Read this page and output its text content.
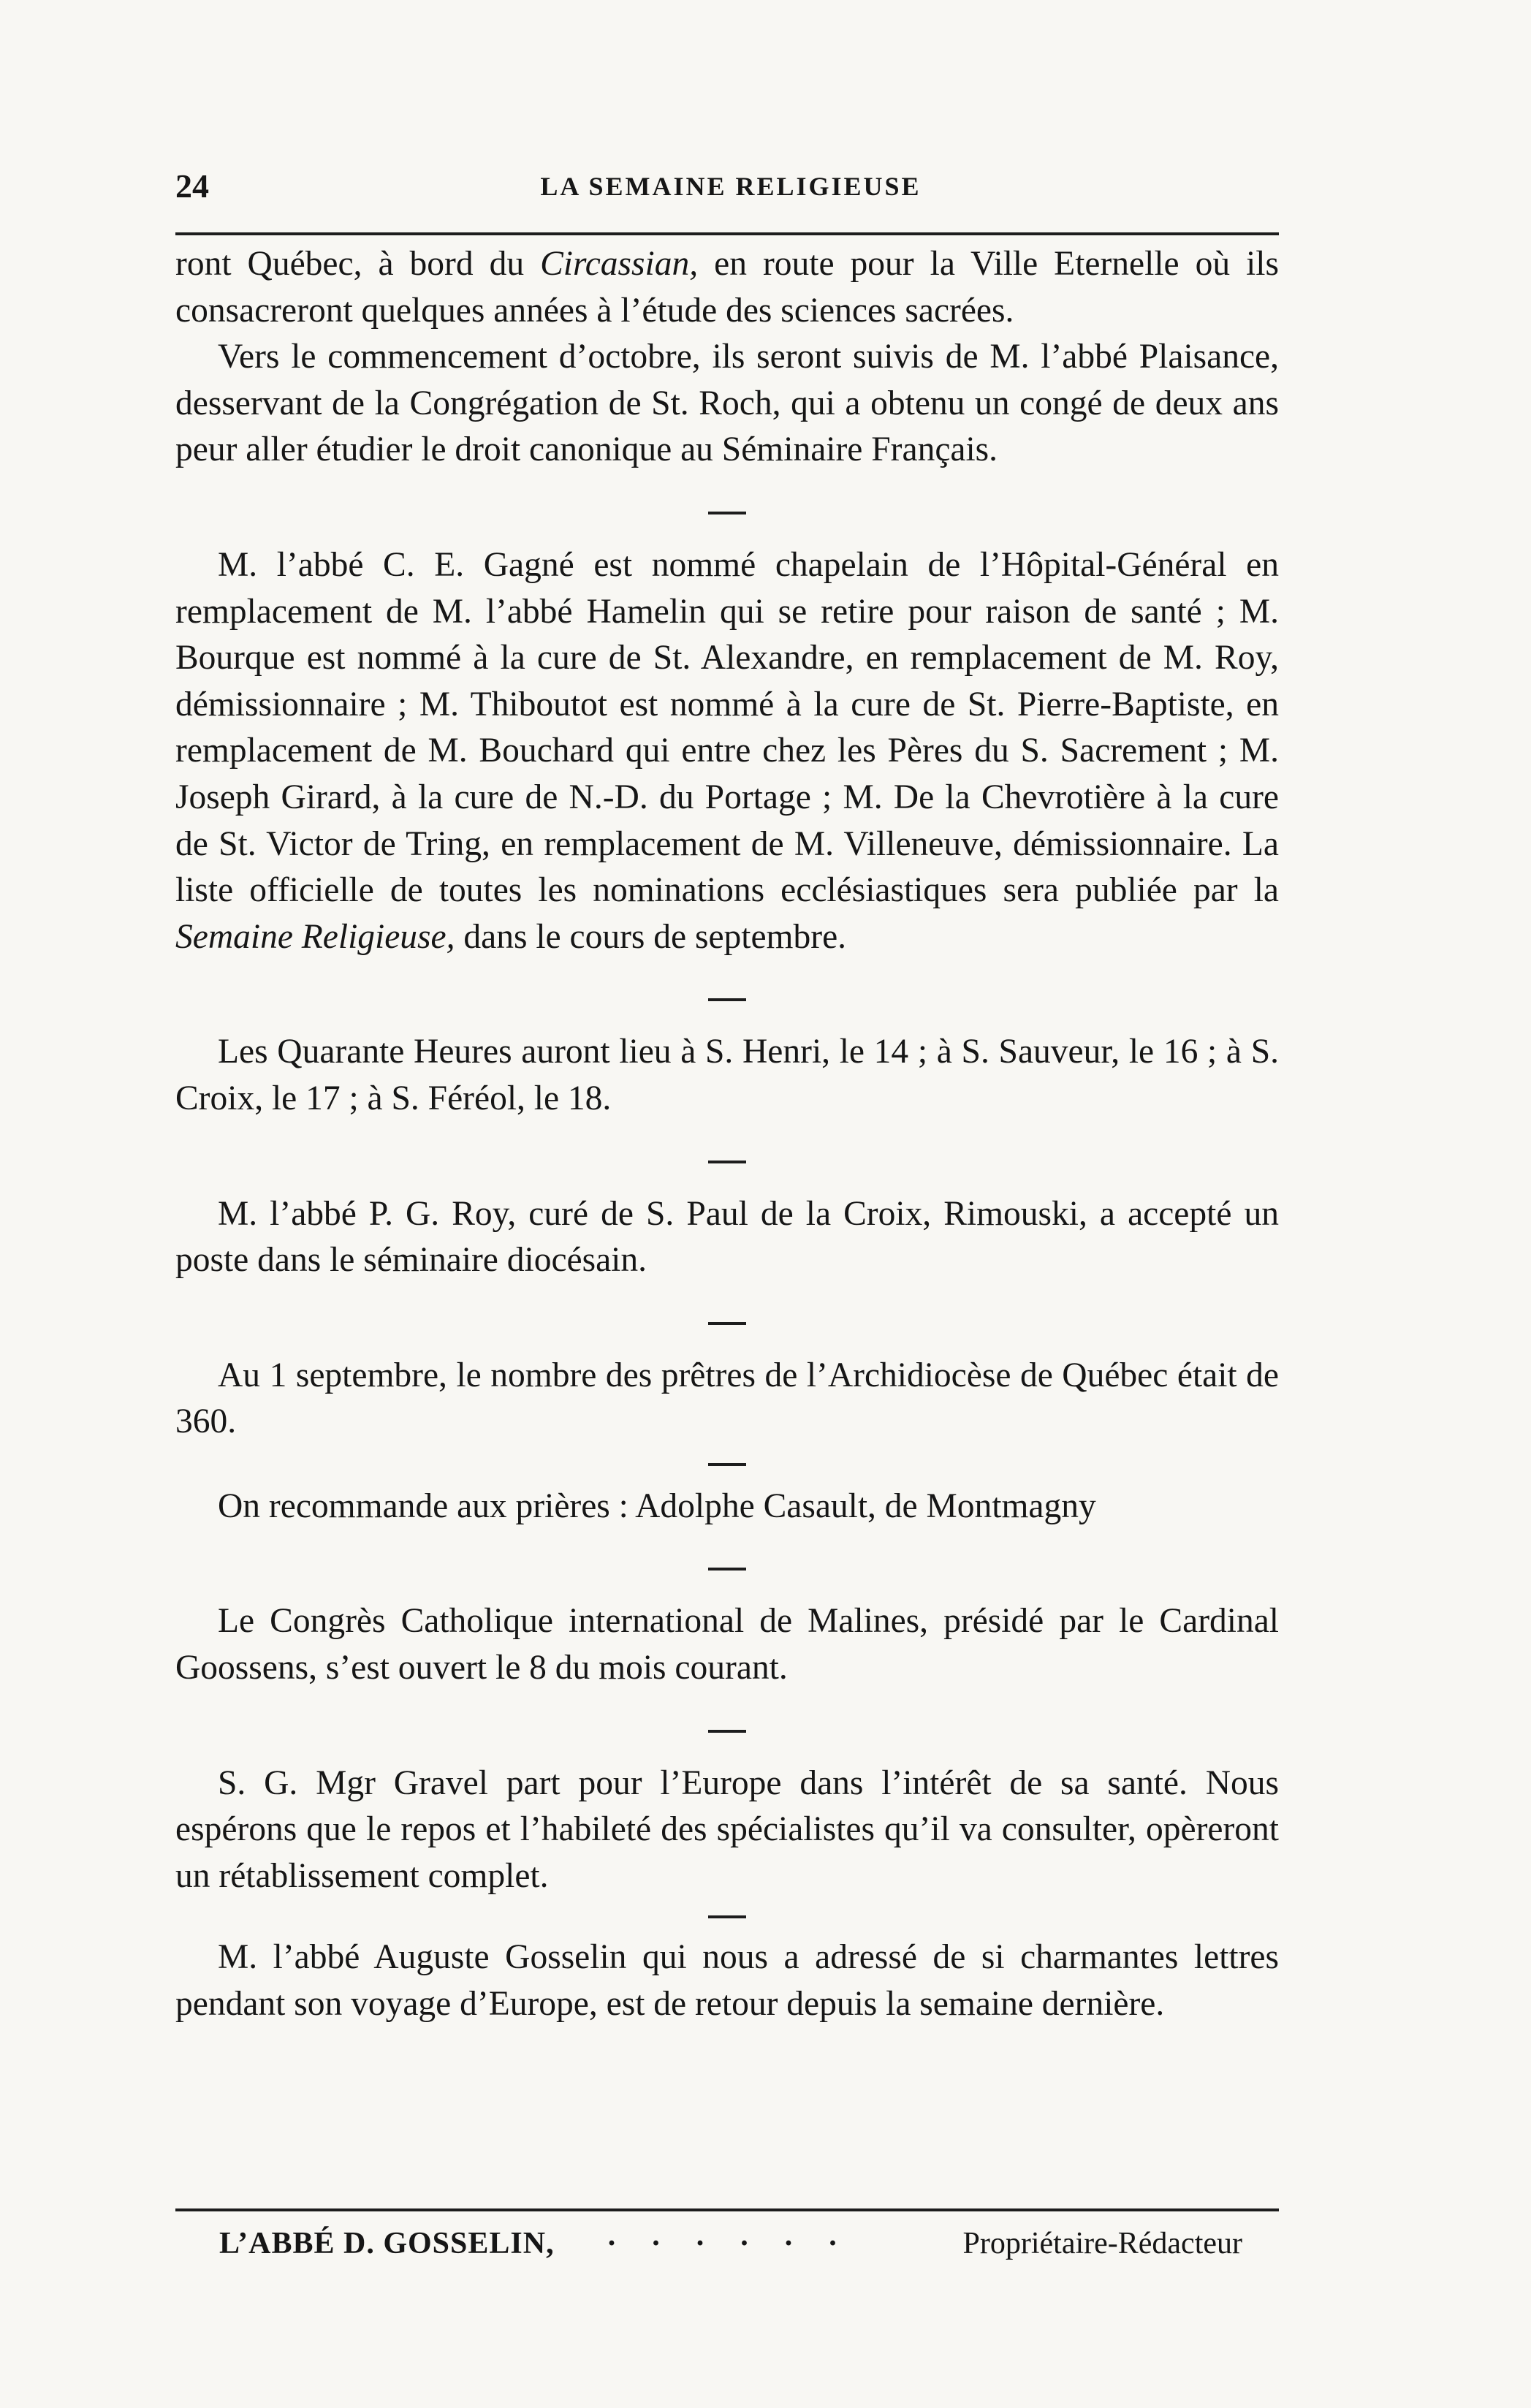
24	LA SEMAINE RELIGIEUSE

ront Québec, à bord du Circassian, en route pour la Ville Eternelle où ils consacreront quelques années à l’étude des sciences sacrées.

Vers le commencement d’octobre, ils seront suivis de M. l’abbé Plaisance, desservant de la Congrégation de St. Roch, qui a obtenu un congé de deux ans peur aller étudier le droit canonique au Séminaire Français.

M. l’abbé C. E. Gagné est nommé chapelain de l’Hôpital-Général en remplacement de M. l’abbé Hamelin qui se retire pour raison de santé ; M. Bourque est nommé à la cure de St. Alexandre, en remplacement de M. Roy, démissionnaire ; M. Thiboutot est nommé à la cure de St. Pierre-Baptiste, en remplacement de M. Bouchard qui entre chez les Pères du S. Sacrement ; M. Joseph Girard, à la cure de N.-D. du Portage ; M. De la Chevrotière à la cure de St. Victor de Tring, en remplacement de M. Villeneuve, démissionnaire. La liste officielle de toutes les nominations ecclésiastiques sera publiée par la Semaine Religieuse, dans le cours de septembre.

Les Quarante Heures auront lieu à S. Henri, le 14 ; à S. Sauveur, le 16 ; à S. Croix, le 17 ; à S. Féréol, le 18.

M. l’abbé P. G. Roy, curé de S. Paul de la Croix, Rimouski, a accepté un poste dans le séminaire diocésain.

Au 1 septembre, le nombre des prêtres de l’Archidiocèse de Québec était de 360.

On recommande aux prières : Adolphe Casault, de Montmagny

Le Congrès Catholique international de Malines, présidé par le Cardinal Goossens, s’est ouvert le 8 du mois courant.

S. G. Mgr Gravel part pour l’Europe dans l’intérêt de sa santé. Nous espérons que le repos et l’habileté des spécialistes qu’il va consulter, opèreront un rétablissement complet.

M. l’abbé Auguste Gosselin qui nous a adressé de si charmantes lettres pendant son voyage d’Europe, est de retour depuis la semaine dernière.

L’ABBÉ D. GOSSELIN, · · · · · ·	Propriétaire-Rédacteur
